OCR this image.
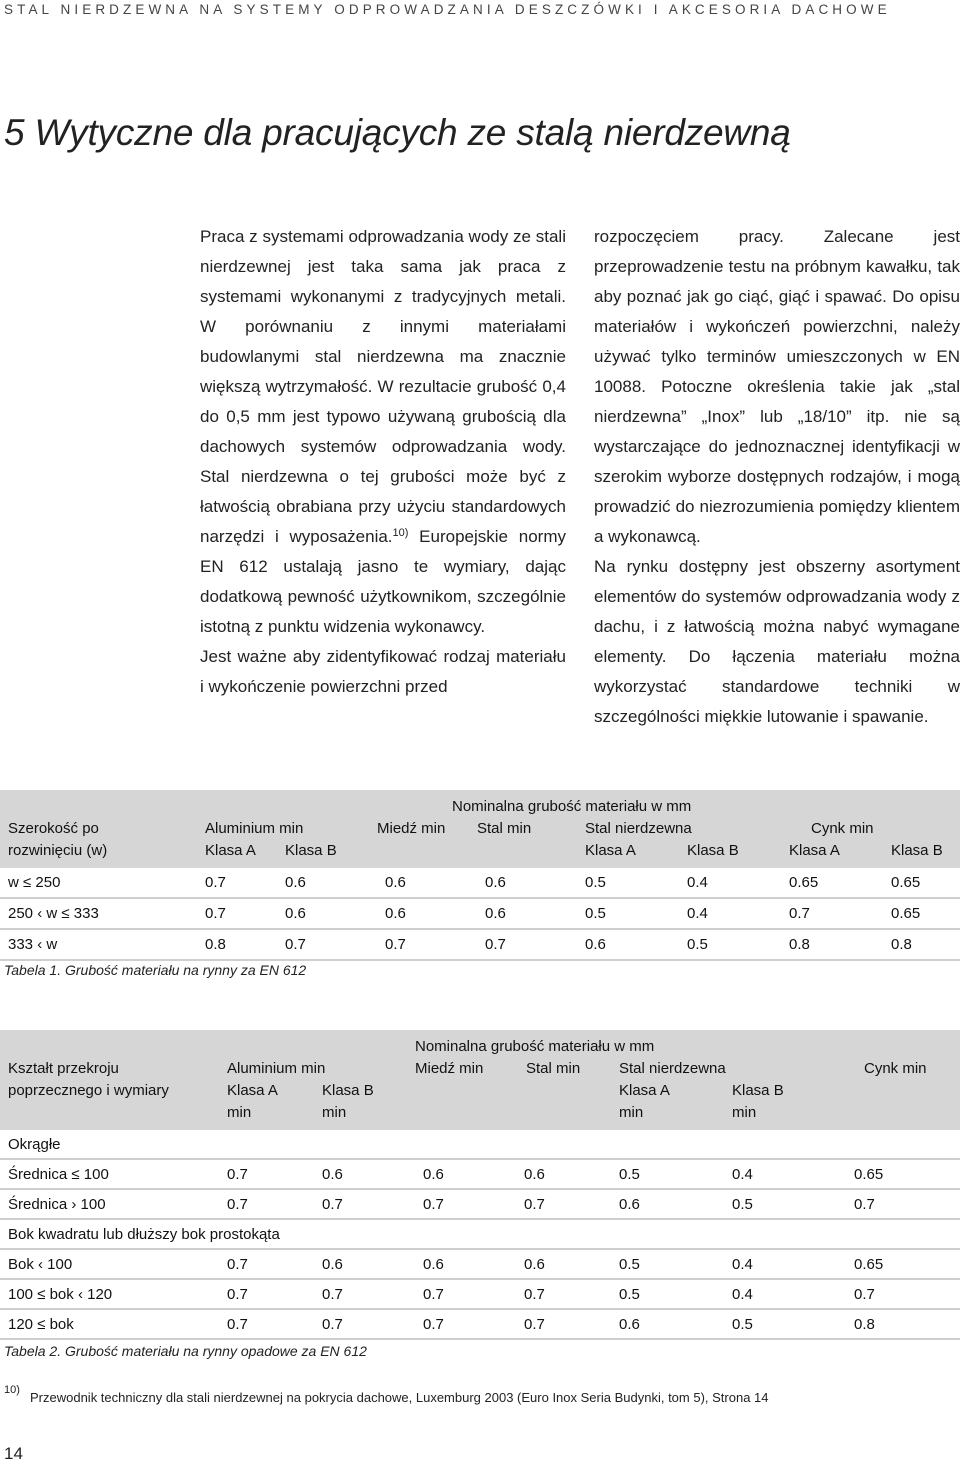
STAL NIERDZEWNA NA SYSTEMY ODPROWADZANIA DESZCZÓWKI I AKCESORIA DACHOWE
5 Wytyczne dla pracujących ze stalą nierdzewną

Praca z systemami odprowadzania wody ze stali nierdzewnej jest taka sama jak praca z systemami wykonanymi z tradycyjnych metali. W porównaniu z innymi materiałami budowlanymi stal nierdzewna ma znacznie większą wytrzymałość. W rezultacie grubość 0,4 do 0,5 mm jest typowo używaną grubością dla dachowych systemów odprowadzania wody. Stal nierdzewna o tej grubości może być z łatwością obrabiana przy użyciu standardowych narzędzi i wyposażenia.$^{10)}$ Europejskie normy EN 612 ustalają jasno te wymiary, dając dodatkową pewność użytkownikom, szczególnie istotną z punktu widzenia wykonawcy.

Jest ważne aby zidentyfikować rodzaj materiału i wykończenie powierzchni przed

rozpoczęciem pracy. Zalecane jest przeprowadzenie testu na próbnym kawałku, tak aby poznać jak go ciąć, giąć i spawać. Do opisu materiałów i wykończeń powierzchni, należy używać tylko terminów umieszczonych w EN 10088. Potoczne określenia takie jak „stal nierdzewna” „Inox” lub „18/10” itp. nie są wystarczające do jednoznacznej identyfikacji w szerokim wyborze dostępnych rodzajów, i mogą prowadzić do niezrozumienia pomiędzy klientem a wykonawcą.

Na rynku dostępny jest obszerny asortyment elementów do systemów odprowadzania wody z dachu, i z łatwością można nabyć wymagane elementy. Do łączenia materiału można wykorzystać standardowe techniki w szczególności miękkie lutowanie i spawanie.

			Nominalna grubość materiału w mm					
Szerokość po	Aluminium min		Miedź min	Stal min	Stal nierdzewna		Cynk min	
rozwinięciu (w)	Klasa A	Klasa B			Klasa A	Klasa B	Klasa A	Klasa B
w ≤ 250	0.7	0.6	0.6	0.6	0.5	0.4	0.65	0.65
250 ‹ w ≤ 333	0.7	0.6	0.6	0.6	0.5	0.4	0.7	0.65
333 ‹ w	0.8	0.7	0.7	0.7	0.6	0.5	0.8	0.8
Tabela 1. Grubość materiału na rynny za EN 612
			Nominalna grubość materiału w mm				
Kształt przekroju	Aluminium min		Miedź min	Stal min	Stal nierdzewna		Cynk min
poprzecznego i wymiary	Klasa A	Klasa B			Klasa A	Klasa B	
	min	min			min	min	
Okrągłe							
Średnica ≤ 100	0.7	0.6	0.6	0.6	0.5	0.4	0.65
Średnica › 100	0.7	0.7	0.7	0.7	0.6	0.5	0.7
Bok kwadratu lub dłuższy bok prostokąta							
Bok ‹ 100	0.7	0.6	0.6	0.6	0.5	0.4	0.65
100 ≤ bok ‹ 120	0.7	0.7	0.7	0.7	0.5	0.4	0.7
120 ≤ bok	0.7	0.7	0.7	0.7	0.6	0.5	0.8
Tabela 2. Grubość materiału na rynny opadowe za EN 612
10) Przewodnik techniczny dla stali nierdzewnej na pokrycia dachowe, Luxemburg 2003 (Euro Inox Seria Budynki, tom 5), Strona 14
14
